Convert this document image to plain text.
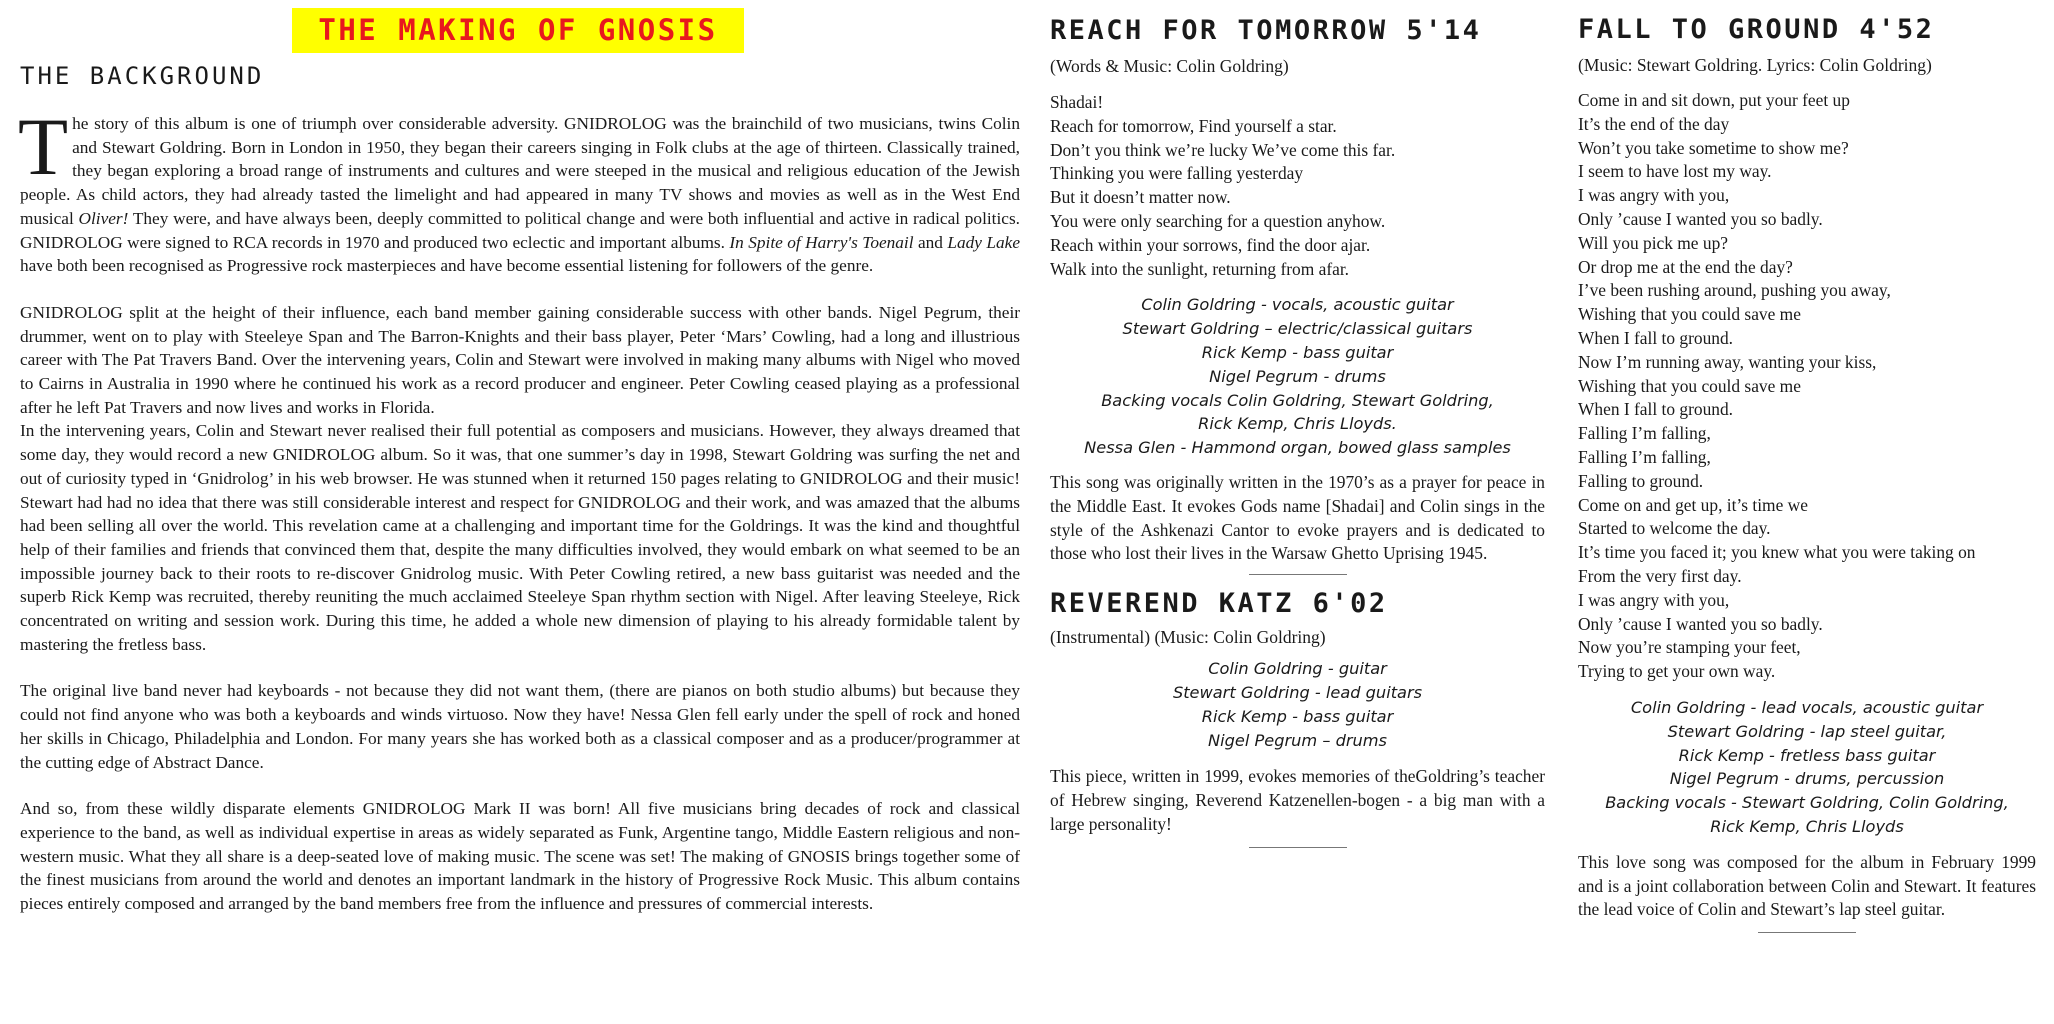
THE MAKING OF GNOSIS
THE BACKGROUND

The story of this album is one of triumph over considerable adversity. GNIDROLOG was the brainchild of two musicians, twins Colin and Stewart Goldring. Born in London in 1950, they began their careers singing in Folk clubs at the age of thirteen. Classically trained, they began exploring a broad range of instruments and cultures and were steeped in the musical and religious education of the Jewish people. As child actors, they had already tasted the limelight and had appeared in many TV shows and movies as well as in the West End musical Oliver! They were, and have always been, deeply committed to political change and were both influential and active in radical politics. GNIDROLOG were signed to RCA records in 1970 and produced two eclectic and important albums. In Spite of Harry's Toenail and Lady Lake have both been recognised as Progressive rock masterpieces and have become essential listening for followers of the genre.

GNIDROLOG split at the height of their influence, each band member gaining considerable success with other bands. Nigel Pegrum, their drummer, went on to play with Steeleye Span and The Barron-Knights and their bass player, Peter ‘Mars’ Cowling, had a long and illustrious career with The Pat Travers Band. Over the intervening years, Colin and Stewart were involved in making many albums with Nigel who moved to Cairns in Australia in 1990 where he continued his work as a record producer and engineer. Peter Cowling ceased playing as a professional after he left Pat Travers and now lives and works in Florida.

In the intervening years, Colin and Stewart never realised their full potential as composers and musicians. However, they always dreamed that some day, they would record a new GNIDROLOG album. So it was, that one summer’s day in 1998, Stewart Goldring was surfing the net and out of curiosity typed in ‘Gnidrolog’ in his web browser. He was stunned when it returned 150 pages relating to GNIDROLOG and their music! Stewart had had no idea that there was still considerable interest and respect for GNIDROLOG and their work, and was amazed that the albums had been selling all over the world. This revelation came at a challenging and important time for the Goldrings. It was the kind and thoughtful help of their families and friends that convinced them that, despite the many difficulties involved, they would embark on what seemed to be an impossible journey back to their roots to re-discover Gnidrolog music. With Peter Cowling retired, a new bass guitarist was needed and the superb Rick Kemp was recruited, thereby reuniting the much acclaimed Steeleye Span rhythm section with Nigel. After leaving Steeleye, Rick concentrated on writing and session work. During this time, he added a whole new dimension of playing to his already formidable talent by mastering the fretless bass.

The original live band never had keyboards - not because they did not want them, (there are pianos on both studio albums) but because they could not find anyone who was both a keyboards and winds virtuoso. Now they have! Nessa Glen fell early under the spell of rock and honed her skills in Chicago, Philadelphia and London. For many years she has worked both as a classical composer and as a producer/programmer at the cutting edge of Abstract Dance.

And so, from these wildly disparate elements GNIDROLOG Mark II was born! All five musicians bring decades of rock and classical experience to the band, as well as individual expertise in areas as widely separated as Funk, Argentine tango, Middle Eastern religious and non-western music. What they all share is a deep-seated love of making music. The scene was set! The making of GNOSIS brings together some of the finest musicians from around the world and denotes an important landmark in the history of Progressive Rock Music. This album contains pieces entirely composed and arranged by the band members free from the influence and pressures of commercial interests.

REACH FOR TOMORROW 5'14

(Words & Music: Colin Goldring)

Shadai!
Reach for tomorrow, Find yourself a star.
Don’t you think we’re lucky We’ve come this far.
Thinking you were falling yesterday
But it doesn’t matter now.
You were only searching for a question anyhow.
Reach within your sorrows, find the door ajar.
Walk into the sunlight, returning from afar.
Colin Goldring - vocals, acoustic guitar
Stewart Goldring – electric/classical guitars
Rick Kemp - bass guitar
Nigel Pegrum - drums
Backing vocals Colin Goldring, Stewart Goldring,
Rick Kemp, Chris Lloyds.
Nessa Glen - Hammond organ, bowed glass samples

This song was originally written in the 1970’s as a prayer for peace in the Middle East. It evokes Gods name [Shadai] and Colin sings in the style of the Ashkenazi Cantor to evoke prayers and is dedicated to those who lost their lives in the Warsaw Ghetto Uprising 1945.

REVEREND KATZ 6'02

(Instrumental) (Music: Colin Goldring)

Colin Goldring - guitar
Stewart Goldring - lead guitars
Rick Kemp - bass guitar
Nigel Pegrum – drums

This piece, written in 1999, evokes memories of theGoldring’s teacher of Hebrew singing, Reverend Katzenellen-bogen - a big man with a large personality!

FALL TO GROUND 4'52

(Music: Stewart Goldring. Lyrics: Colin Goldring)

Come in and sit down, put your feet up
It’s the end of the day
Won’t you take sometime to show me?
I seem to have lost my way.
I was angry with you,
Only ’cause I wanted you so badly.
Will you pick me up?
Or drop me at the end the day?
I’ve been rushing around, pushing you away,
Wishing that you could save me
When I fall to ground.
Now I’m running away, wanting your kiss,
Wishing that you could save me
When I fall to ground.
Falling I’m falling,
Falling I’m falling,
Falling to ground.
Come on and get up, it’s time we
Started to welcome the day.
It’s time you faced it; you knew what you were taking on
From the very first day.
I was angry with you,
Only ’cause I wanted you so badly.
Now you’re stamping your feet,
Trying to get your own way.
Colin Goldring - lead vocals, acoustic guitar
Stewart Goldring - lap steel guitar,
Rick Kemp - fretless bass guitar
Nigel Pegrum - drums, percussion
Backing vocals - Stewart Goldring, Colin Goldring,
Rick Kemp, Chris Lloyds

This love song was composed for the album in February 1999 and is a joint collaboration between Colin and Stewart. It features the lead voice of Colin and Stewart’s lap steel guitar.
